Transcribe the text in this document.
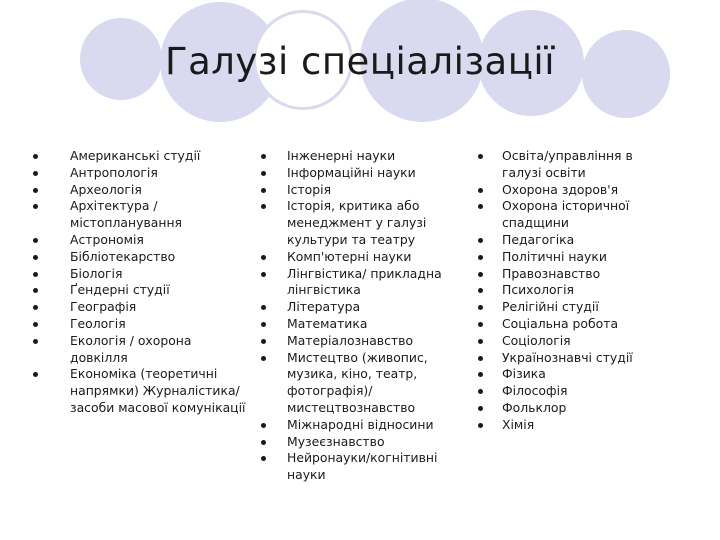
Галузі спеціалізації
Американські студії
Антропологія
Археологія
Архітектура / містопланування
Астрономія
Бібліотекарство
Біологія
Ґендерні студії
Географія
Геологія
Екологія / охорона довкілля
Економіка (теоретичні напрямки) Журналістика/ засоби масової комунікації
Інженерні науки
Інформаційні науки
Історія
Історія, критика або менеджмент у галузі культури та театру
Комп'ютерні науки
Лінгвістика/ прикладна лінгвістика
Література
Математика
Матеріалознавство
Мистецтво (живопис, музика, кіно, театр, фотографія)/ мистецтвознавство
Міжнародні відносини
Музеєзнавство
Нейронауки/когнітивні науки
Освіта/управління в галузі освіти
Охорона здоров'я
Охорона історичної спадщини
Педагогіка
Політичні науки
Правознавство
Психологія
Релігійні студії
Соціальна робота
Соціологія
Українознавчі студії
Фізика
Філософія
Фольклор
Хімія
